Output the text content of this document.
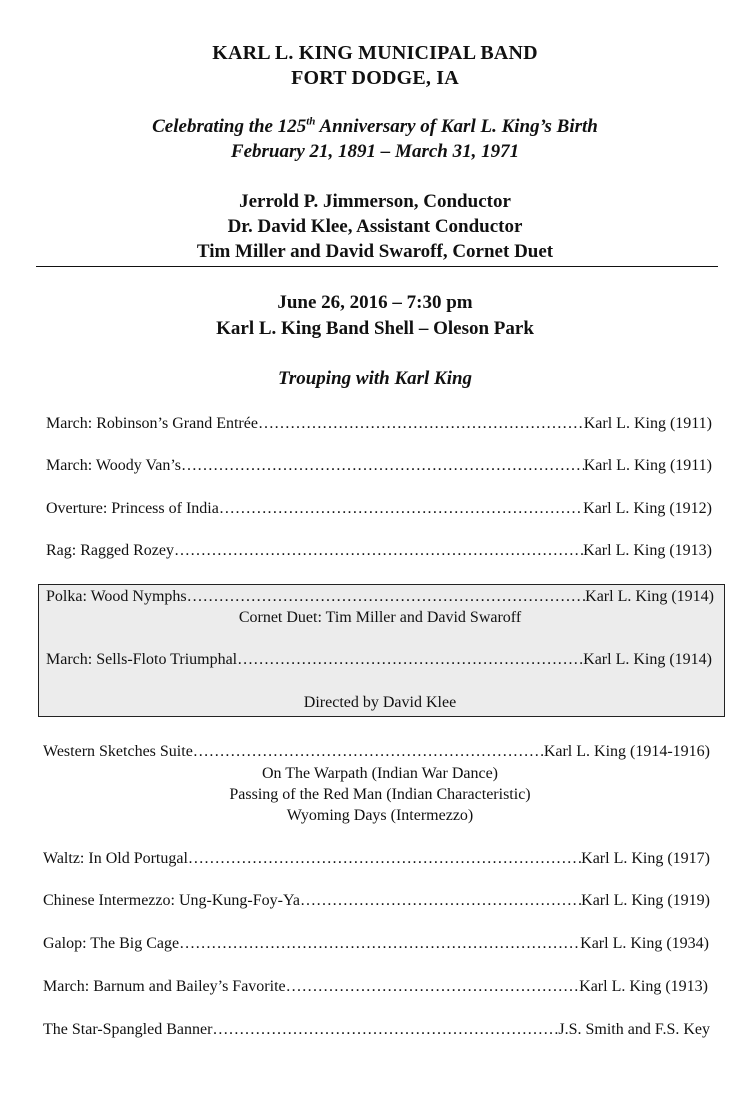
KARL L. KING MUNICIPAL BAND
FORT DODGE, IA
Celebrating the 125th Anniversary of Karl L. King’s Birth
February 21, 1891 – March 31, 1971
Jerrold P. Jimmerson, Conductor
Dr. David Klee, Assistant Conductor
Tim Miller and David Swaroff, Cornet Duet
June 26, 2016 – 7:30 pm
Karl L. King Band Shell – Oleson Park
Trouping with Karl King
March: Robinson’s Grand Entrée ……………………………………………………………………………………………………………………………………………………	Karl L. King (1911)
March: Woody Van’s ……………………………………………………………………………………………………………………………………………………	Karl L. King (1911)
Overture: Princess of India ……………………………………………………………………………………………………………………………………………………	Karl L. King (1912)
Rag: Ragged Rozey ……………………………………………………………………………………………………………………………………………………	Karl L. King (1913)
Polka: Wood Nymphs ……………………………………………………………………………………………………………………………………………………	Karl L. King (1914)
Cornet Duet: Tim Miller and David Swaroff
March: Sells-Floto Triumphal ……………………………………………………………………………………………………………………………………………………	Karl L. King (1914)
Directed by David Klee
Western Sketches Suite ……………………………………………………………………………………………………………………………………………………	Karl L. King (1914-1916)
On The Warpath (Indian War Dance)
Passing of the Red Man (Indian Characteristic)
Wyoming Days (Intermezzo)
Waltz: In Old Portugal ……………………………………………………………………………………………………………………………………………………	Karl L. King (1917)
Chinese Intermezzo: Ung-Kung-Foy-Ya ……………………………………………………………………………………………………………………………………………………	Karl L. King (1919)
Galop: The Big Cage ……………………………………………………………………………………………………………………………………………………	Karl L. King (1934)
March: Barnum and Bailey’s Favorite ……………………………………………………………………………………………………………………………………………………	Karl L. King (1913)
The Star-Spangled Banner ……………………………………………………………………………………………………………………………………………………	J.S. Smith and F.S. Key
